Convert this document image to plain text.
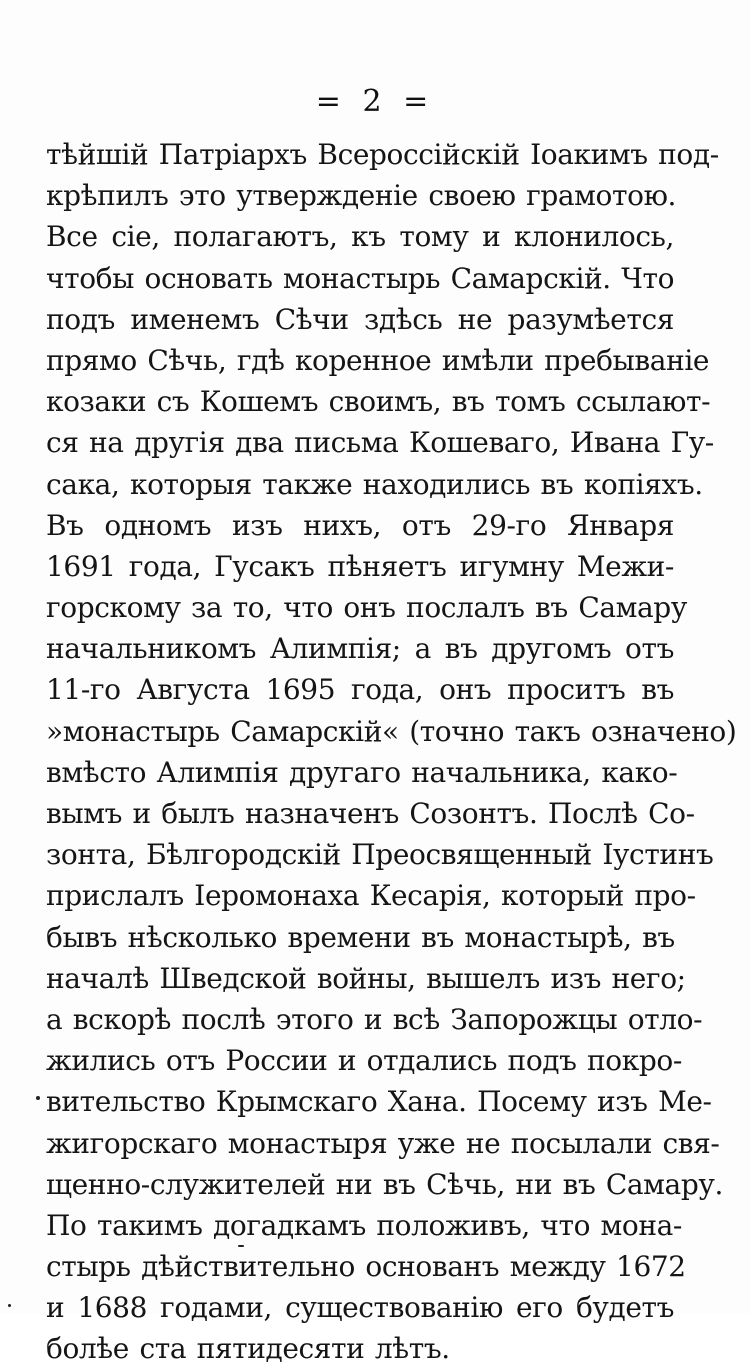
= 2 =
тѣйшій Патріархъ Всероссійскій Іоакимъ под-
крѣпилъ это утвержденіе своею грамотою.
Все сіе, полагаютъ, къ тому и клонилось,
чтобы основать монастырь Самарскій. Что
подъ именемъ Сѣчи здѣсь не разумѣется
прямо Сѣчь, гдѣ коренное имѣли пребываніе
козаки съ Кошемъ своимъ, въ томъ ссылают-
ся на другія два письма Кошеваго, Ивана Гу-
сака, которыя также находились въ копіяхъ.
Въ одномъ изъ нихъ, отъ 29-го Января
1691 года, Гусакъ пѣняетъ игумну Межи-
горскому за то, что онъ послалъ въ Самару
начальникомъ Алимпія; а въ другомъ отъ
11-го Августа 1695 года, онъ проситъ въ
»монастырь Самарскій« (точно такъ означено)
вмѣсто Алимпія другаго начальника, како-
вымъ и былъ назначенъ Созонтъ. Послѣ Со-
зонта, Бѣлгородскій Преосвященный Іустинъ
прислалъ Іеромонаха Кесарія, который про-
бывъ нѣсколько времени въ монастырѣ, въ
началѣ Шведской войны, вышелъ изъ него;
а вскорѣ послѣ этого и всѣ Запорожцы отло-
жились отъ России и отдались подъ покро-
вительство Крымскаго Хана. Посему изъ Ме-
жигорскаго монастыря уже не посылали свя-
щенно-служителей ни въ Сѣчь, ни въ Самару.
По такимъ догадкамъ положивъ, что мона-
стырь дѣйствительно основанъ между 1672
и 1688 годами, существованію его будетъ
болѣе ста пятидесяти лѣтъ.
